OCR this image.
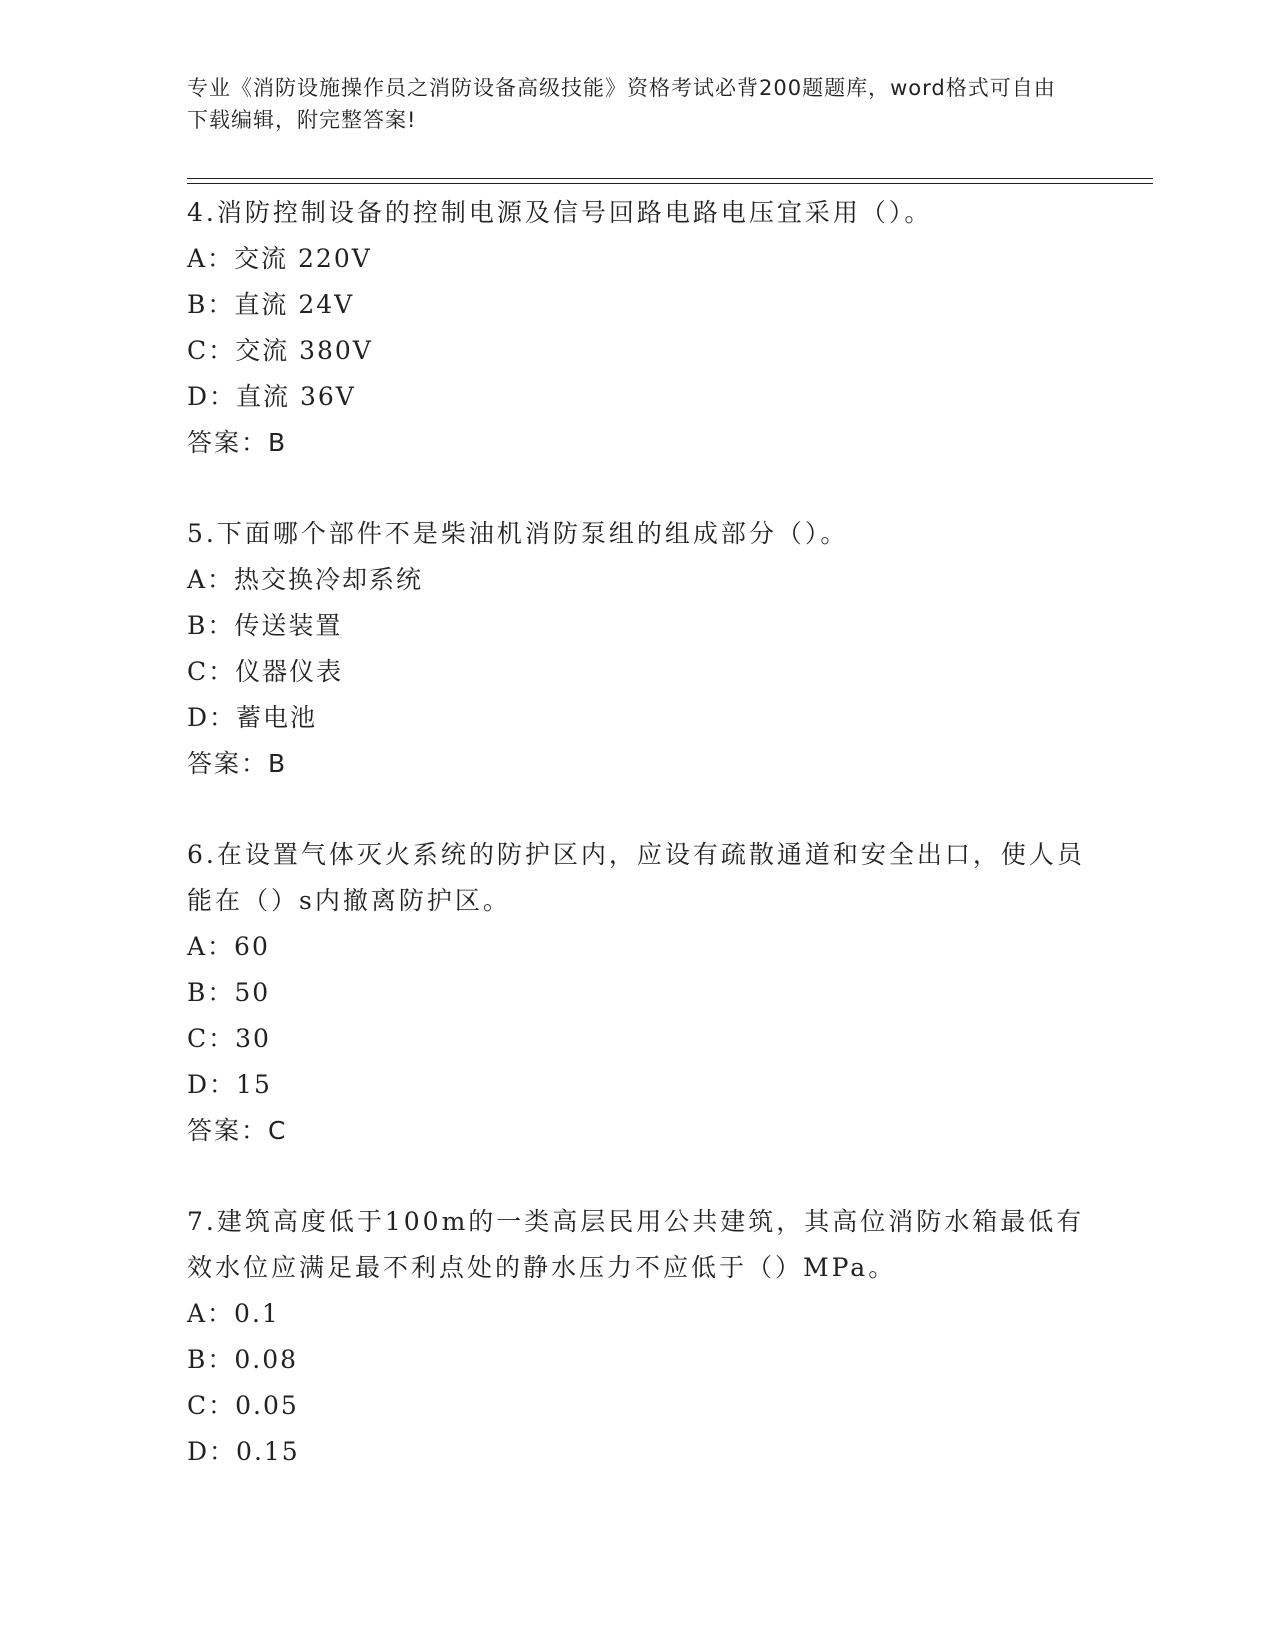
专业《消防设施操作员之消防设备高级技能》资格考试必背200题题库，word格式可自由下载编辑，附完整答案!
4.消防控制设备的控制电源及信号回路电路电压宜采用（）。
A：交流 220V
B：直流 24V
C：交流 380V
D：直流 36V
答案：B
5.下面哪个部件不是柴油机消防泵组的组成部分（）。
A：热交换冷却系统
B：传送装置
C：仪器仪表
D：蓄电池
答案：B
6.在设置气体灭火系统的防护区内，应设有疏散通道和安全出口，使人员能在（）s内撤离防护区。
A：60
B：50
C：30
D：15
答案：C
7.建筑高度低于100m的一类高层民用公共建筑，其高位消防水箱最低有效水位应满足最不利点处的静水压力不应低于（）MPa。
A：0.1
B：0.08
C：0.05
D：0.15
